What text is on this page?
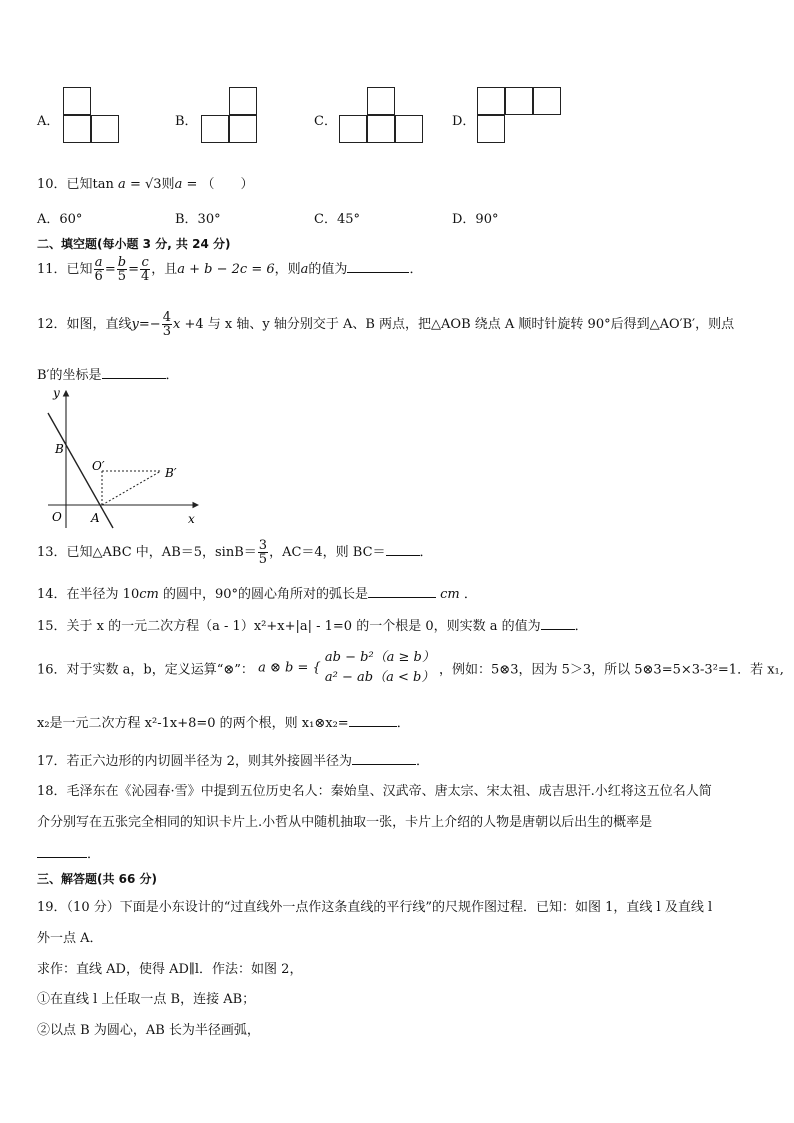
A．	B．	C．	D．
10．已知tan a = √3则a = （　　）
A．60°	B．30°	C．45°	D．90°
二、填空题(每小题 3 分, 共 24 分)
11．已知 $\frac{a}{6} = \frac{b}{5} = \frac{c}{4}$ ，且a + b − 2c = 6，则a的值为	．
12．如图，直线$y=- \frac{4}{3}$ x +4 与 x 轴、y 轴分别交于 A、B 两点，把△AOB 绕点 A 顺时针旋转 90°后得到△AO′B′，则点
B′的坐标是	．
y
x
O A
B
O′	B′
13．已知△ABC 中，AB＝5，$\sin B= \frac{3}{5}$ ，AC＝4，则 BC＝	．
14．在半径为 10cm 的圆中，90°的圆心角所对的弧长是	cm ．
15．关于 x 的一元二次方程（a - 1）x²+x+|a| - 1=0 的一个根是 0，则实数 a 的值为	．
16．对于实数 a，b，定义运算“⊗”： a ⊗ b = {
ab − b²（a ≥ b）
a² − ab（a < b） ，例如：5⊗3，因为 5＞3，所以 5⊗3=5×3-3²=1．若 x₁,
x₂是一元二次方程 x²-1x+8=0 的两个根，则 x₁⊗x₂=	．
17．若正六边形的内切圆半径为 2，则其外接圆半径为	．
18．毛泽东在《沁园春·雪》中提到五位历史名人：秦始皇、汉武帝、唐太宗、宋太祖、成吉思汗.小红将这五位名人简
介分别写在五张完全相同的知识卡片上.小哲从中随机抽取一张，卡片上介绍的人物是唐朝以后出生的概率是
．
三、解答题(共 66 分)
19．（10 分）下面是小东设计的“过直线外一点作这条直线的平行线”的尺规作图过程．已知：如图 1，直线 l 及直线 l
外一点 A．
求作：直线 AD，使得 AD∥l．作法：如图 2，
①在直线 l 上任取一点 B，连接 AB；
②以点 B 为圆心，AB 长为半径画弧，
